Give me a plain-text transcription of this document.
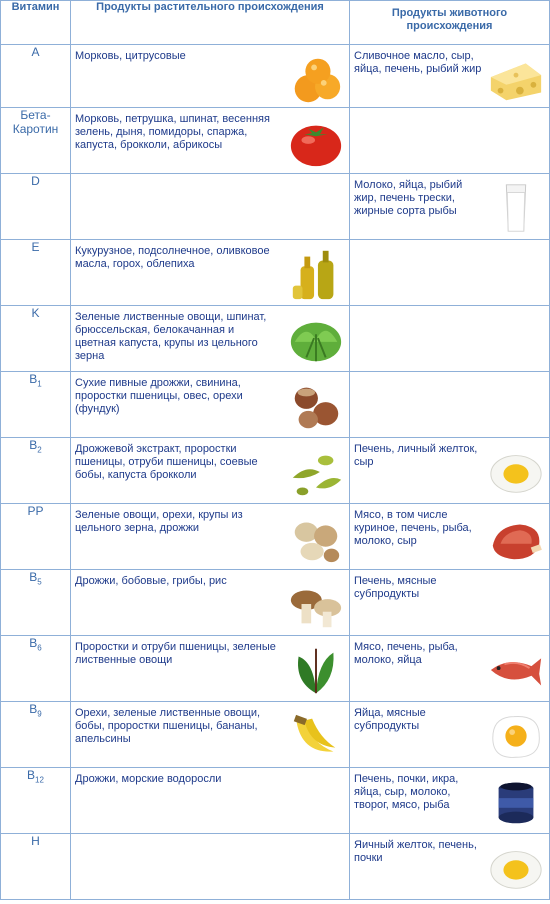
Витамин	Продукты растительного происхождения	Продукты животного происхождения
A	Морковь, цитрусовые	Сливочное масло, сыр, яйца, печень, рыбий жир

Бета-Каротин	Морковь, петрушка, шпинат, весенняя зелень, дыня, помидоры, спаржа, капуста, брокколи, абрикосы	

D		Молоко, яйца, рыбий жир, печень трески, жирные сорта рыбы

E	Кукурузное, подсолнечное, оливковое масла, горох, облепиха	

K	Зеленые лиственные овощи, шпинат, брюссельская, белокачанная и цветная капуста, крупы из цельного зерна	

$B_1$	Сухие пивные дрожжи, свинина, проростки пшеницы, овес, орехи (фундук)	

$B_2$	Дрожжевой экстракт, проростки пшеницы, отруби пшеницы, соевые бобы, капуста брокколи	Печень, личный желток, сыр

PP	Зеленые овощи, орехи, крупы из цельного зерна, дрожжи	Мясо, в том числе куриное, печень, рыба, молоко, сыр

$B_5$	Дрожжи, бобовые, грибы, рис	Печень, мясные субпродукты

$B_6$	Проростки и отруби пшеницы, зеленые лиственные овощи	Мясо, печень, рыба, молоко, яйца

$B_9$	Орехи, зеленые лиственные овощи, бобы, проростки пшеницы, бананы, апельсины	Яйца, мясные субпродукты

$B_{12}$	Дрожжи, морские водоросли	Печень, почки, икра, яйца, сыр, молоко, творог, мясо, рыба

H		Яичный желток, печень, почки
